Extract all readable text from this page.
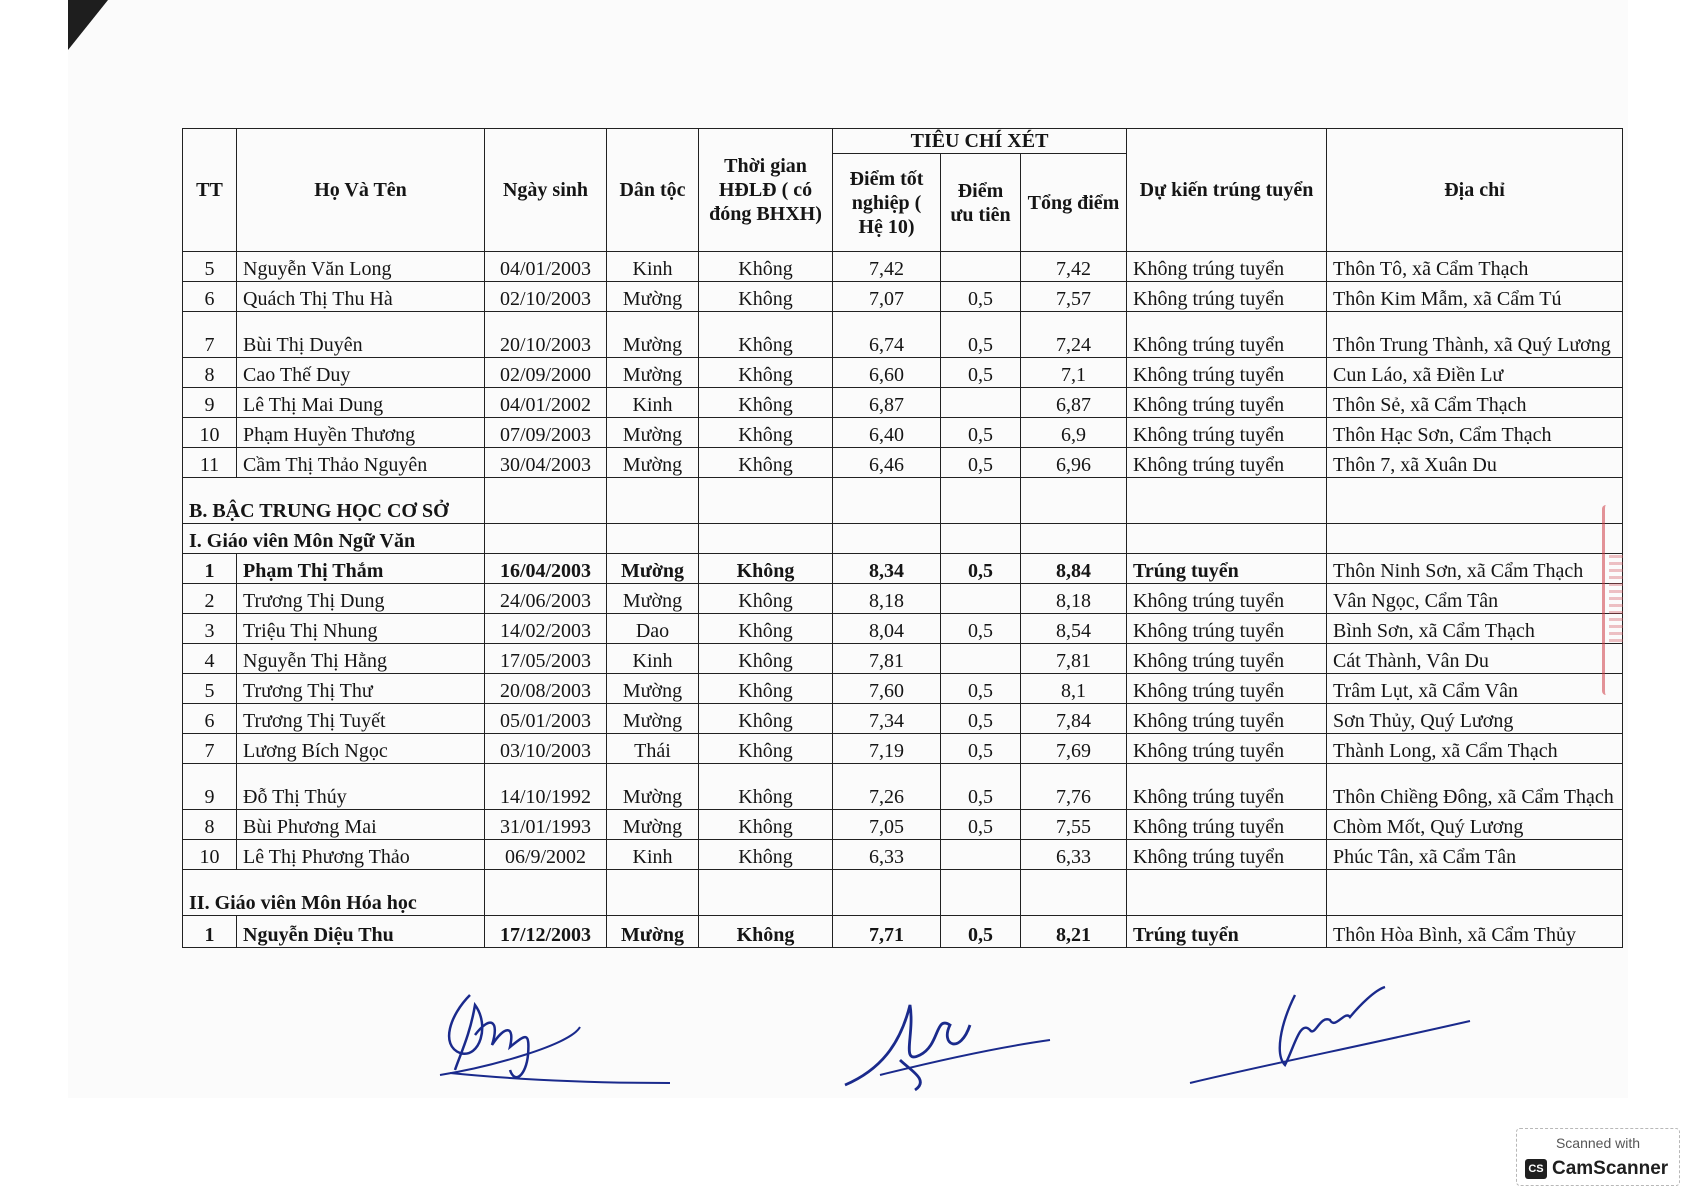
TT	Họ Và Tên	Ngày sinh	Dân tộc	Thời gian HĐLĐ ( có đóng BHXH)	TIÊU CHÍ XÉT			Dự kiến trúng tuyển	Địa chỉ
					Điểm tốt nghiệp ( Hệ 10)	Điểm ưu tiên	Tổng điểm		
5	Nguyễn Văn Long	04/01/2003	Kinh	Không	7,42		7,42	Không trúng tuyển	Thôn Tô, xã Cẩm Thạch
6	Quách Thị Thu Hà	02/10/2003	Mường	Không	7,07	0,5	7,57	Không trúng tuyển	Thôn Kim Mẫm, xã Cẩm Tú
7	Bùi Thị Duyên	20/10/2003	Mường	Không	6,74	0,5	7,24	Không trúng tuyển	Thôn Trung Thành, xã Quý Lương
8	Cao Thế Duy	02/09/2000	Mường	Không	6,60	0,5	7,1	Không trúng tuyển	Cun Láo, xã Điền Lư
9	Lê Thị Mai Dung	04/01/2002	Kinh	Không	6,87		6,87	Không trúng tuyển	Thôn Sẻ, xã Cẩm Thạch
10	Phạm Huyền Thương	07/09/2003	Mường	Không	6,40	0,5	6,9	Không trúng tuyển	Thôn Hạc Sơn, Cẩm Thạch
11	Cầm Thị Thảo Nguyên	30/04/2003	Mường	Không	6,46	0,5	6,96	Không trúng tuyển	Thôn 7, xã Xuân Du
B. BẬC TRUNG HỌC CƠ SỞ									
I. Giáo viên Môn Ngữ Văn									
1	Phạm Thị Thắm	16/04/2003	Mường	Không	8,34	0,5	8,84	Trúng tuyển	Thôn Ninh Sơn, xã Cẩm Thạch
2	Trương Thị Dung	24/06/2003	Mường	Không	8,18		8,18	Không trúng tuyển	Vân Ngọc, Cẩm Tân
3	Triệu Thị Nhung	14/02/2003	Dao	Không	8,04	0,5	8,54	Không trúng tuyển	Bình Sơn, xã Cẩm Thạch
4	Nguyễn Thị Hằng	17/05/2003	Kinh	Không	7,81		7,81	Không trúng tuyển	Cát Thành, Vân Du
5	Trương Thị Thư	20/08/2003	Mường	Không	7,60	0,5	8,1	Không trúng tuyển	Trâm Lụt, xã Cẩm Vân
6	Trương Thị Tuyết	05/01/2003	Mường	Không	7,34	0,5	7,84	Không trúng tuyển	Sơn Thủy, Quý Lương
7	Lương Bích Ngọc	03/10/2003	Thái	Không	7,19	0,5	7,69	Không trúng tuyển	Thành Long, xã Cẩm Thạch
9	Đỗ Thị Thúy	14/10/1992	Mường	Không	7,26	0,5	7,76	Không trúng tuyển	Thôn Chiềng Đông, xã Cẩm Thạch
8	Bùi Phương Mai	31/01/1993	Mường	Không	7,05	0,5	7,55	Không trúng tuyển	Chòm Mốt, Quý Lương
10	Lê Thị Phương Thảo	06/9/2002	Kinh	Không	6,33		6,33	Không trúng tuyển	Phúc Tân, xã Cẩm Tân
II. Giáo viên Môn Hóa học									
1	Nguyễn Diệu Thu	17/12/2003	Mường	Không	7,71	0,5	8,21	Trúng tuyển	Thôn Hòa Bình, xã Cẩm Thủy
Scanned with
CS CamScanner
